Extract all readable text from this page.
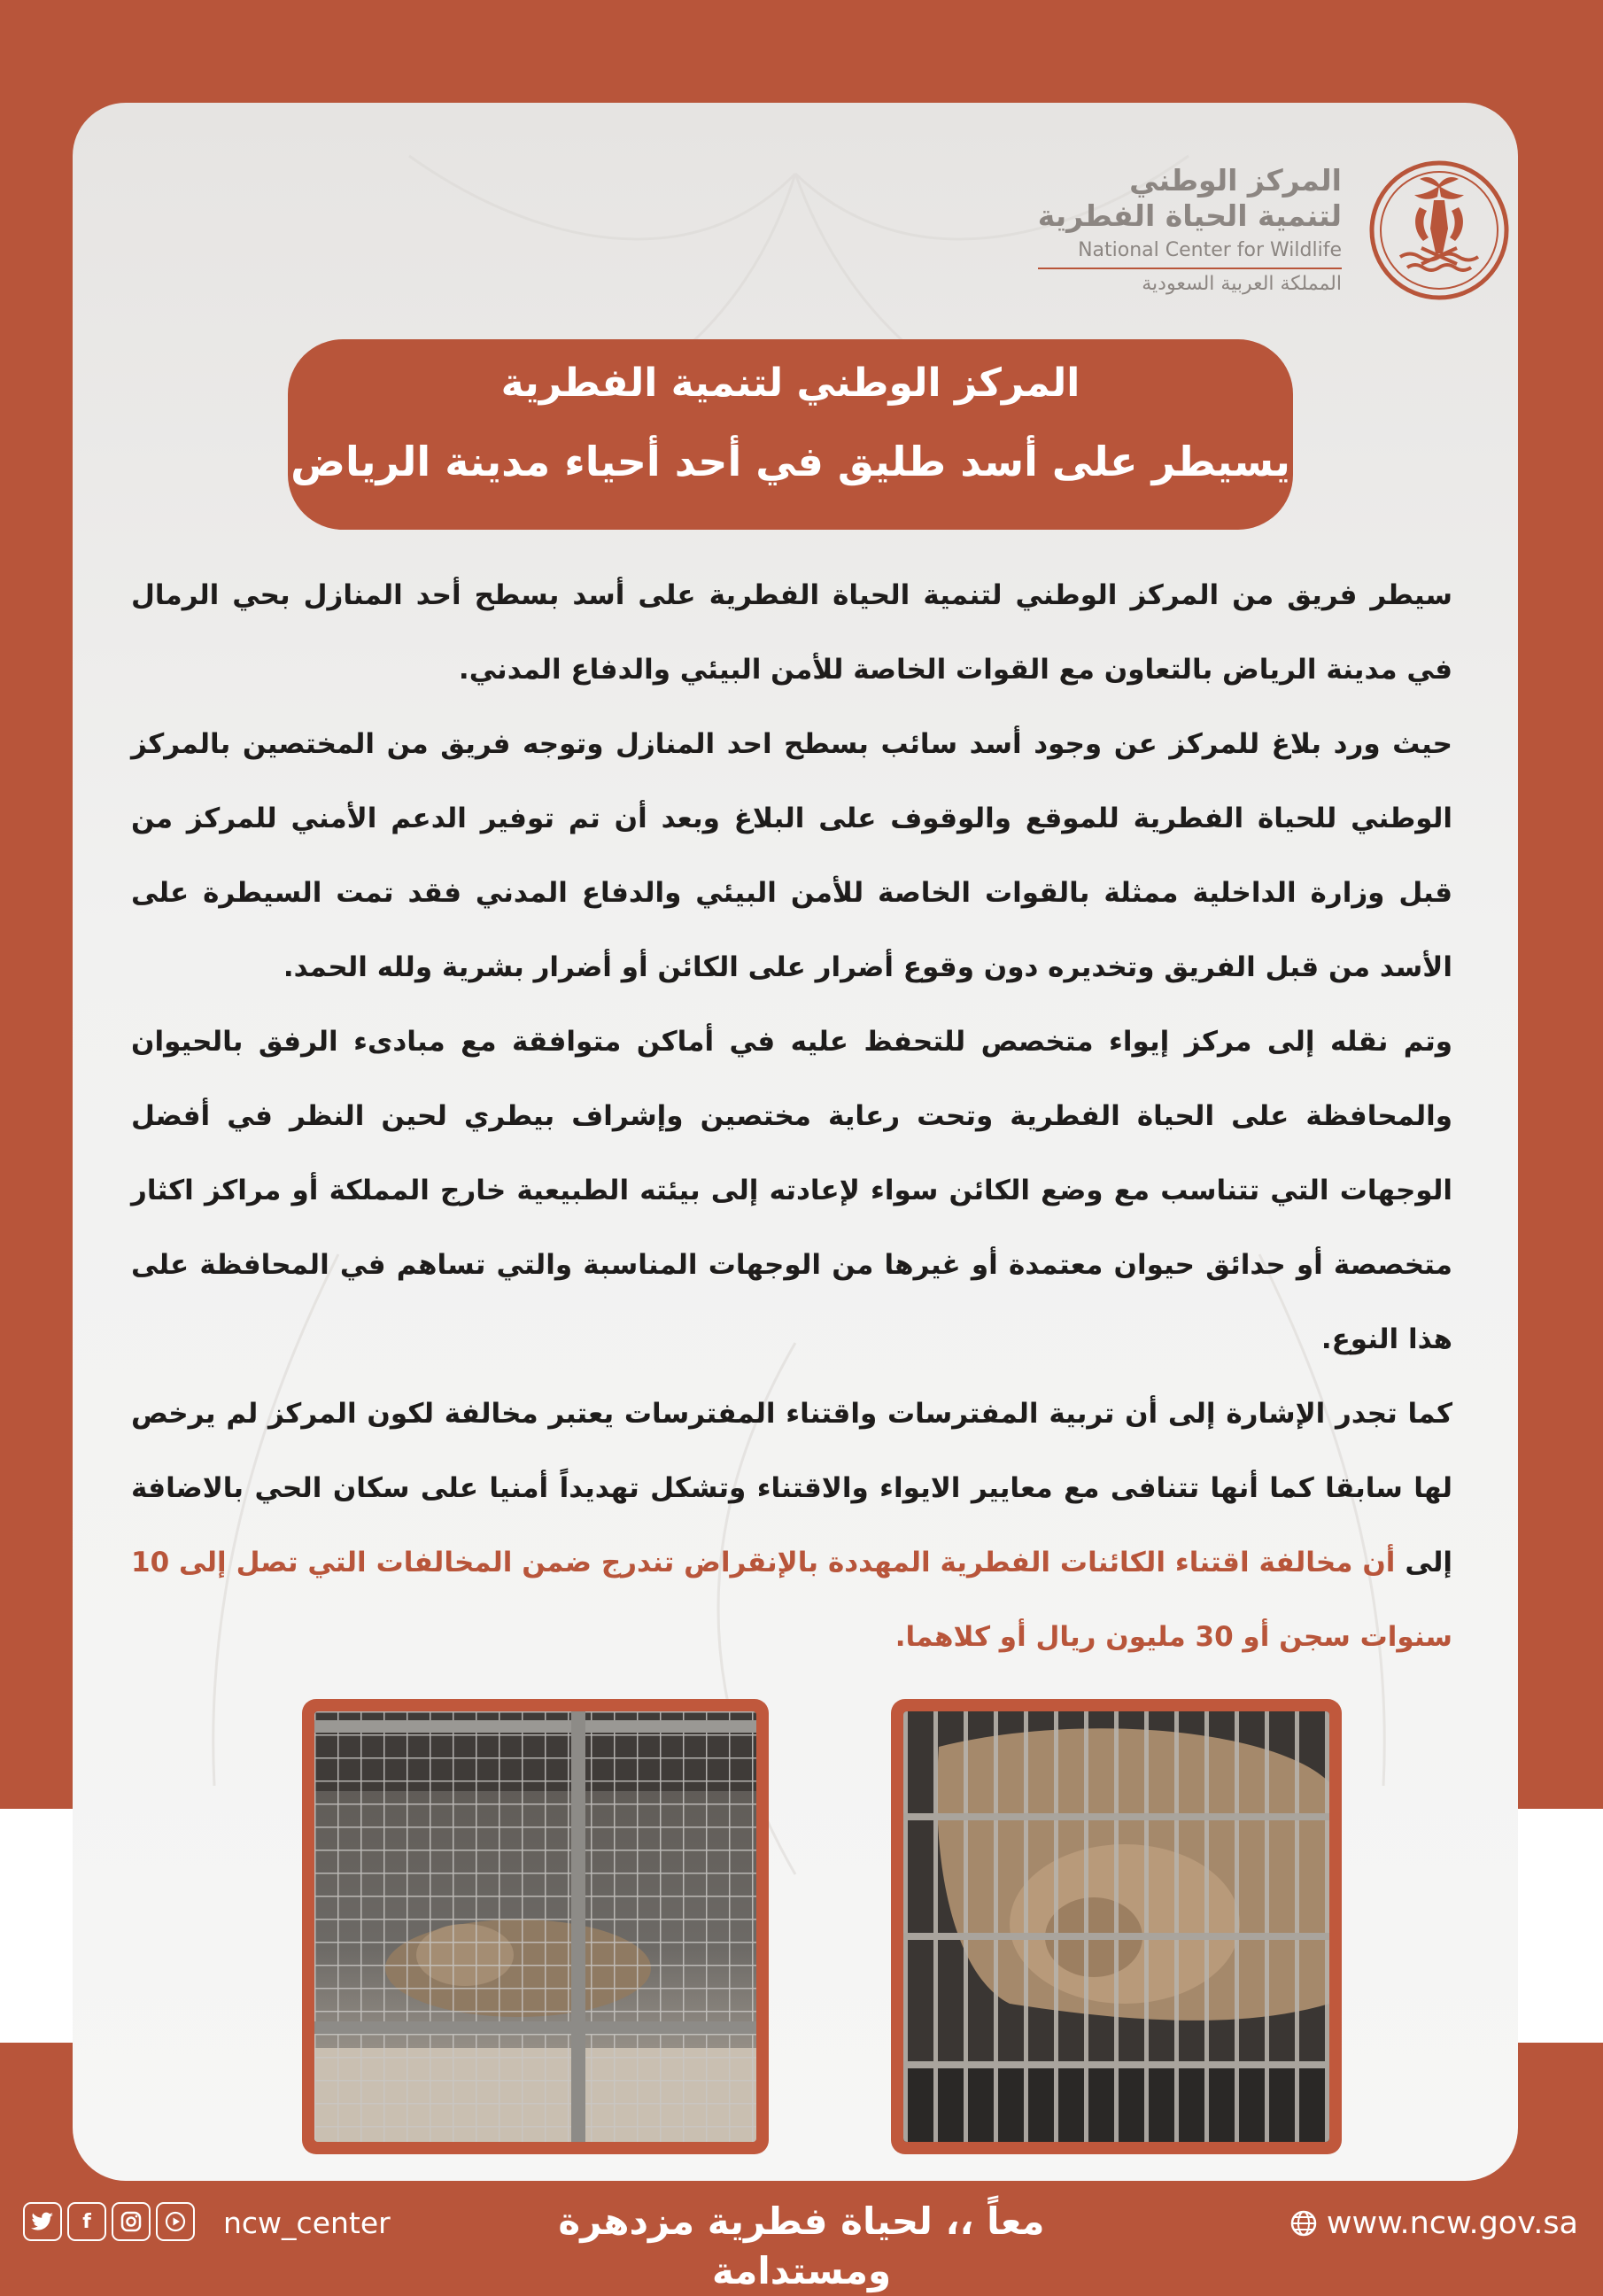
المركز الوطني
لتنمية الحياة الفطرية
National Center for Wildlife
المملكة العربية السعودية
المركز الوطني لتنمية الفطرية
يسيطر على أسد طليق في أحد أحياء مدينة الرياض

سيطر فريق من المركز الوطني لتنمية الحياة الفطرية على أسد بسطح أحد المنازل بحي الرمال في مدينة الرياض بالتعاون مع القوات الخاصة للأمن البيئي والدفاع المدني.

حيث ورد بلاغ للمركز عن وجود أسد سائب بسطح احد المنازل وتوجه فريق من المختصين بالمركز الوطني للحياة الفطرية للموقع والوقوف على البلاغ وبعد أن تم توفير الدعم الأمني للمركز من قبل وزارة الداخلية ممثلة بالقوات الخاصة للأمن البيئي والدفاع المدني فقد تمت السيطرة على الأسد من قبل الفريق وتخديره دون وقوع أضرار على الكائن أو أضرار بشرية ولله الحمد.

وتم نقله إلى مركز إيواء متخصص للتحفظ عليه في أماكن متوافقة مع مبادىء الرفق بالحيوان والمحافظة على الحياة الفطرية وتحت رعاية مختصين وإشراف بيطري لحين النظر في أفضل الوجهات التي تتناسب مع وضع الكائن سواء لإعادته إلى بيئته الطبيعية خارج المملكة أو مراكز اكثار متخصصة أو حدائق حيوان معتمدة أو غيرها من الوجهات المناسبة والتي تساهم في المحافظة على هذا النوع.

كما تجدر الإشارة إلى أن تربية المفترسات واقتناء المفترسات يعتبر مخالفة لكون المركز لم يرخص لها سابقا كما أنها تتنافى مع معايير الايواء والاقتناء وتشكل تهديداً أمنيا على سكان الحي بالاضافة إلى أن مخالفة اقتناء الكائنات الفطرية المهددة بالإنقراض تندرج ضمن المخالفات التي تصل إلى 10 سنوات سجن أو 30 مليون ريال أو كلاهما.

f	ncw_center	معاً ،، لحياة فطرية مزدهرة ومستدامة
www.ncw.gov.sa
